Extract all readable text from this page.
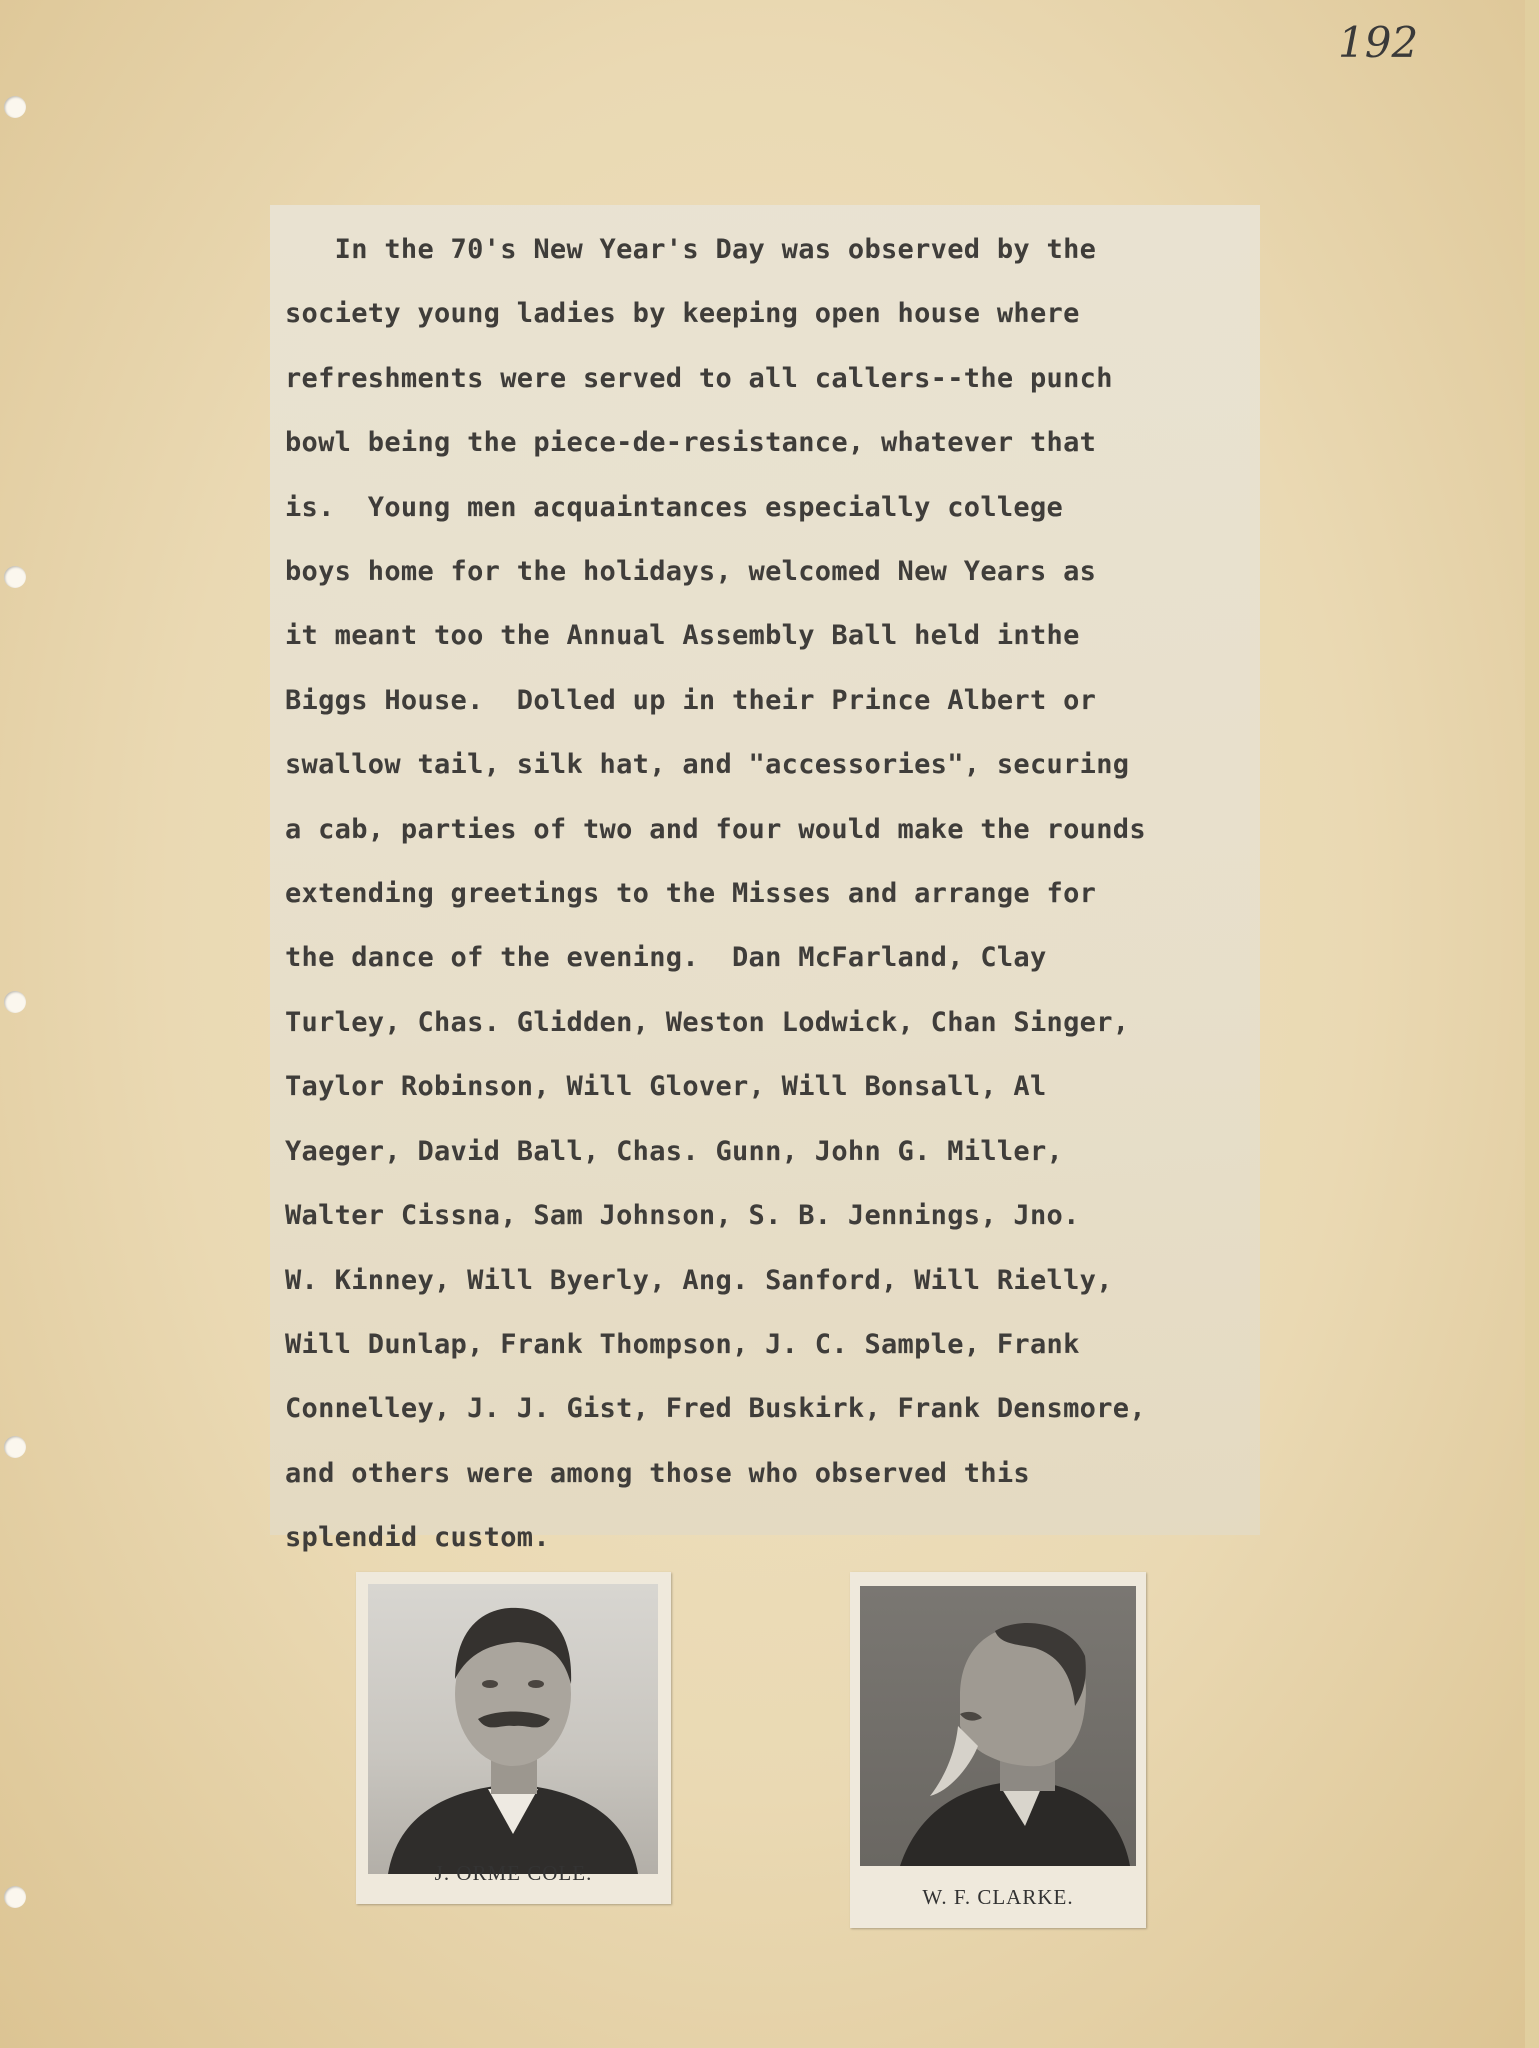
192
In the 70's New Year's Day was observed by the
society young ladies by keeping open house where
refreshments were served to all callers--the punch
bowl being the piece-de-resistance, whatever that
is.  Young men acquaintances especially college
boys home for the holidays, welcomed New Years as
it meant too the Annual Assembly Ball held inthe
Biggs House.  Dolled up in their Prince Albert or
swallow tail, silk hat, and "accessories", securing
a cab, parties of two and four would make the rounds
extending greetings to the Misses and arrange for
the dance of the evening.  Dan McFarland, Clay
Turley, Chas. Glidden, Weston Lodwick, Chan Singer,
Taylor Robinson, Will Glover, Will Bonsall, Al
Yaeger, David Ball, Chas. Gunn, John G. Miller,
Walter Cissna, Sam Johnson, S. B. Jennings, Jno.
W. Kinney, Will Byerly, Ang. Sanford, Will Rielly,
Will Dunlap, Frank Thompson, J. C. Sample, Frank
Connelley, J. J. Gist, Fred Buskirk, Frank Densmore,
and others were among those who observed this
splendid custom.
J. ORME COLE.
W. F. CLARKE.
